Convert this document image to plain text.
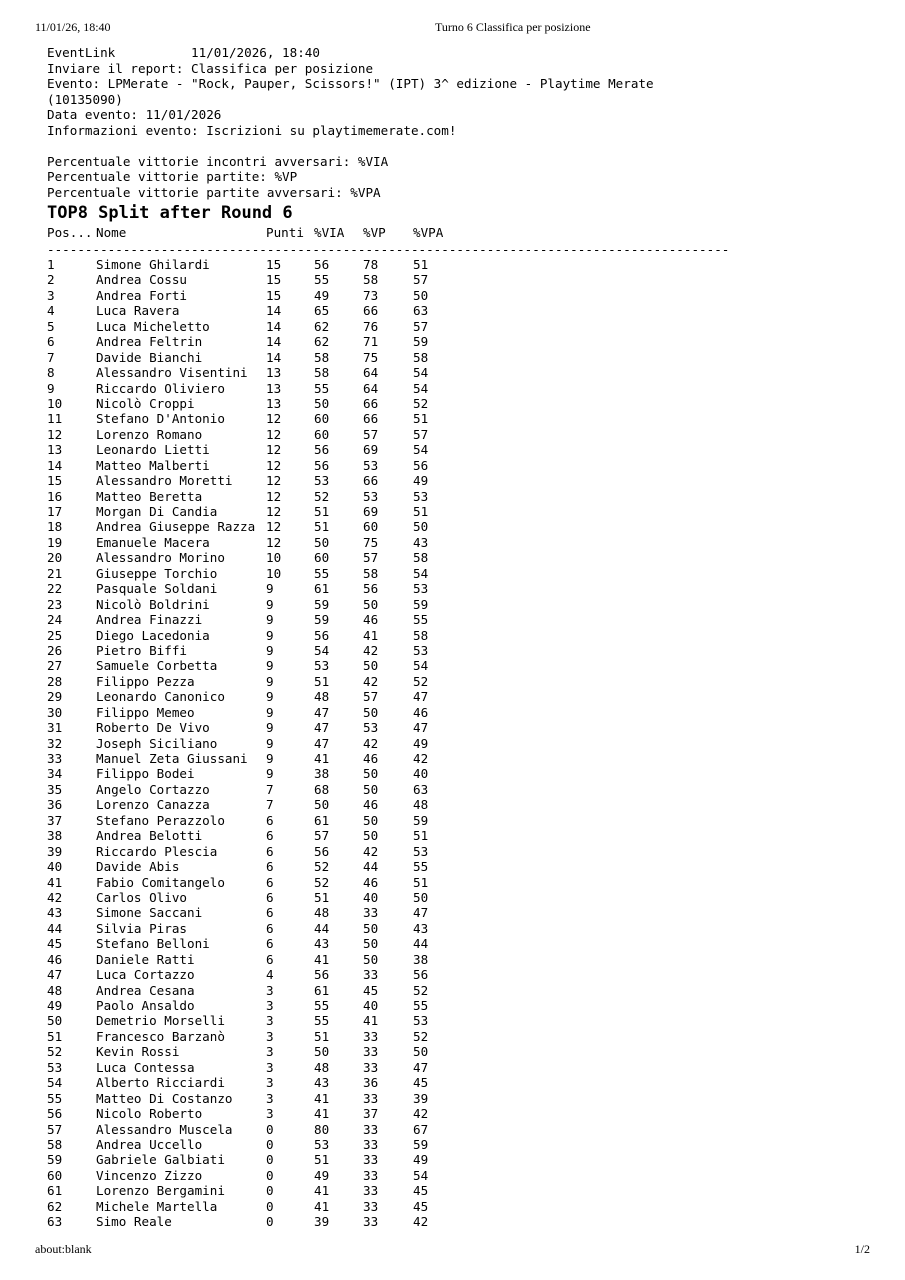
11/01/26, 18:40	Turno 6 Classifica per posizione
EventLink          11/01/2026, 18:40
Inviare il report: Classifica per posizione
Evento: LPMerate - "Rock, Pauper, Scissors!" (IPT) 3^ edizione - Playtime Merate
(10135090)
Data evento: 11/01/2026
Informazioni evento: Iscrizioni su playtimemerate.com!
Percentuale vittorie incontri avversari: %VIA
Percentuale vittorie partite: %VP
Percentuale vittorie partite avversari: %VPA
TOP8 Split after Round 6
Pos... Nome	Punti %VIA %VP %VPA
------------------------------------------------------------------------------------------
1	Simone Ghilardi	15	56	78	51
2	Andrea Cossu	15	55	58	57
3	Andrea Forti	15	49	73	50
4	Luca Ravera	14	65	66	63
5	Luca Micheletto	14	62	76	57
6	Andrea Feltrin	14	62	71	59
7	Davide Bianchi	14	58	75	58
8	Alessandro Visentini 13	58	64	54
9	Riccardo Oliviero	13	55	64	54
10	Nicolò Croppi	13	50	66	52
11	Stefano D'Antonio	12	60	66	51
12	Lorenzo Romano	12	60	57	57
13	Leonardo Lietti	12	56	69	54
14	Matteo Malberti	12	56	53	56
15	Alessandro Moretti	12	53	66	49
16	Matteo Beretta	12	52	53	53
17	Morgan Di Candia	12	51	69	51
18	Andrea Giuseppe Razza 12	51	60	50
19	Emanuele Macera	12	50	75	43
20	Alessandro Morino	10	60	57	58
21	Giuseppe Torchio	10	55	58	54
22	Pasquale Soldani	9	61	56	53
23	Nicolò Boldrini	9	59	50	59
24	Andrea Finazzi	9	59	46	55
25	Diego Lacedonia	9	56	41	58
26	Pietro Biffi	9	54	42	53
27	Samuele Corbetta	9	53	50	54
28	Filippo Pezza	9	51	42	52
29	Leonardo Canonico	9	48	57	47
30	Filippo Memeo	9	47	50	46
31	Roberto De Vivo	9	47	53	47
32	Joseph Siciliano	9	47	42	49
33	Manuel Zeta Giussani 9	41	46	42
34	Filippo Bodei	9	38	50	40
35	Angelo Cortazzo	7	68	50	63
36	Lorenzo Canazza	7	50	46	48
37	Stefano Perazzolo	6	61	50	59
38	Andrea Belotti	6	57	50	51
39	Riccardo Plescia	6	56	42	53
40	Davide Abis	6	52	44	55
41	Fabio Comitangelo	6	52	46	51
42	Carlos Olivo	6	51	40	50
43	Simone Saccani	6	48	33	47
44	Silvia Piras	6	44	50	43
45	Stefano Belloni	6	43	50	44
46	Daniele Ratti	6	41	50	38
47	Luca Cortazzo	4	56	33	56
48	Andrea Cesana	3	61	45	52
49	Paolo Ansaldo	3	55	40	55
50	Demetrio Morselli	3	55	41	53
51	Francesco Barzanò	3	51	33	52
52	Kevin Rossi	3	50	33	50
53	Luca Contessa	3	48	33	47
54	Alberto Ricciardi	3	43	36	45
55	Matteo Di Costanzo	3	41	33	39
56	Nicolo Roberto	3	41	37	42
57	Alessandro Muscela	0	80	33	67
58	Andrea Uccello	0	53	33	59
59	Gabriele Galbiati	0	51	33	49
60	Vincenzo Zizzo	0	49	33	54
61	Lorenzo Bergamini	0	41	33	45
62	Michele Martella	0	41	33	45
63	Simo Reale	0	39	33	42
about:blank	1/2
